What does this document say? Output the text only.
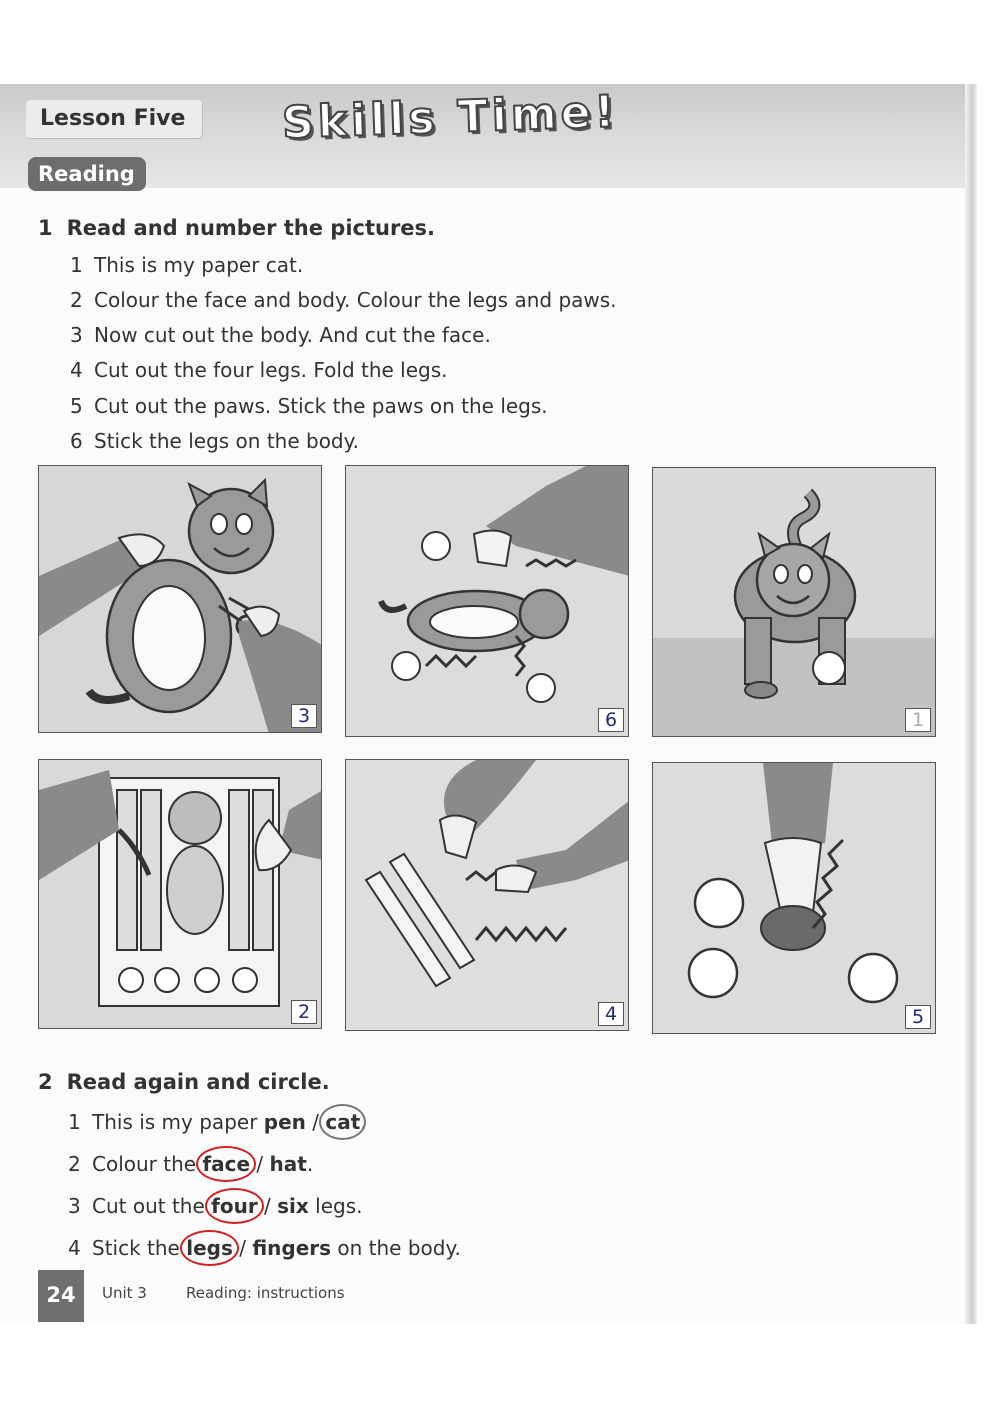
Lesson Five	Skills Time!
Reading
1 Read and number the pictures.
1 This is my paper cat.
2 Colour the face and body. Colour the legs and paws.
3 Now cut out the body. And cut the face.
4 Cut out the four legs. Fold the legs.
5 Cut out the paws. Stick the paws on the legs.
6 Stick the legs on the body.
3	6	1
2	4	5
2 Read again and circle.
1 This is my paper pen / cat.
2 Colour the face / hat.
3 Cut out the four / six legs.
4 Stick the legs / fingers on the body.
24	Unit 3	Reading: instructions
